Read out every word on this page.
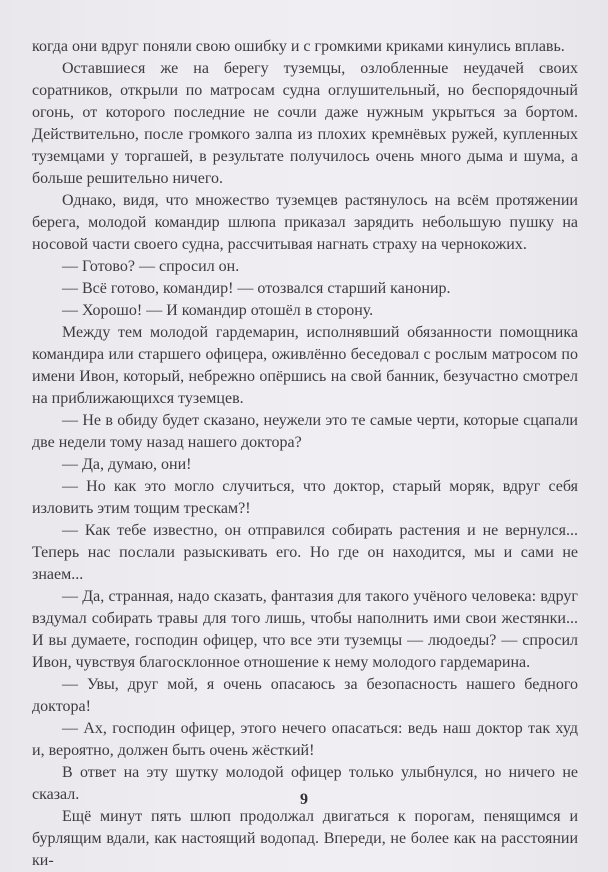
когда они вдруг поняли свою ошибку и с громкими криками кинулись вплавь.

Оставшиеся же на берегу туземцы, озлобленные неудачей своих соратников, открыли по матросам судна оглушительный, но беспорядочный огонь, от которого последние не сочли даже нужным укрыться за бортом. Действительно, после громкого залпа из плохих кремнёвых ружей, купленных туземцами у торгашей, в результате получилось очень много дыма и шума, а больше решительно ничего.

Однако, видя, что множество туземцев растянулось на всём протяжении берега, молодой командир шлюпа приказал зарядить небольшую пушку на носовой части своего судна, рассчитывая нагнать страху на чернокожих.

— Готово? — спросил он.

— Всё готово, командир! — отозвался старший канонир.

— Хорошо! — И командир отошёл в сторону.

Между тем молодой гардемарин, исполнявший обязанности помощника командира или старшего офицера, оживлённо беседовал с рослым матросом по имени Ивон, который, небрежно опёршись на свой банник, безучастно смотрел на приближающихся туземцев.

— Не в обиду будет сказано, неужели это те самые черти, которые сцапали две недели тому назад нашего доктора?

— Да, думаю, они!

— Но как это могло случиться, что доктор, старый моряк, вдруг себя изловить этим тощим трескам?!

— Как тебе известно, он отправился собирать растения и не вернулся... Теперь нас послали разыскивать его. Но где он находится, мы и сами не знаем...

— Да, странная, надо сказать, фантазия для такого учёного человека: вдруг вздумал собирать травы для того лишь, чтобы наполнить ими свои жестянки... И вы думаете, господин офицер, что все эти туземцы — людоеды? — спросил Ивон, чувствуя благосклонное отношение к нему молодого гардемарина.

— Увы, друг мой, я очень опасаюсь за безопасность нашего бедного доктора!

— Ах, господин офицер, этого нечего опасаться: ведь наш доктор так худ и, вероятно, должен быть очень жёсткий!

В ответ на эту шутку молодой офицер только улыбнулся, но ничего не сказал.

Ещё минут пять шлюп продолжал двигаться к порогам, пенящимся и бурлящим вдали, как настоящий водопад. Впереди, не более как на расстоянии ки-

9
